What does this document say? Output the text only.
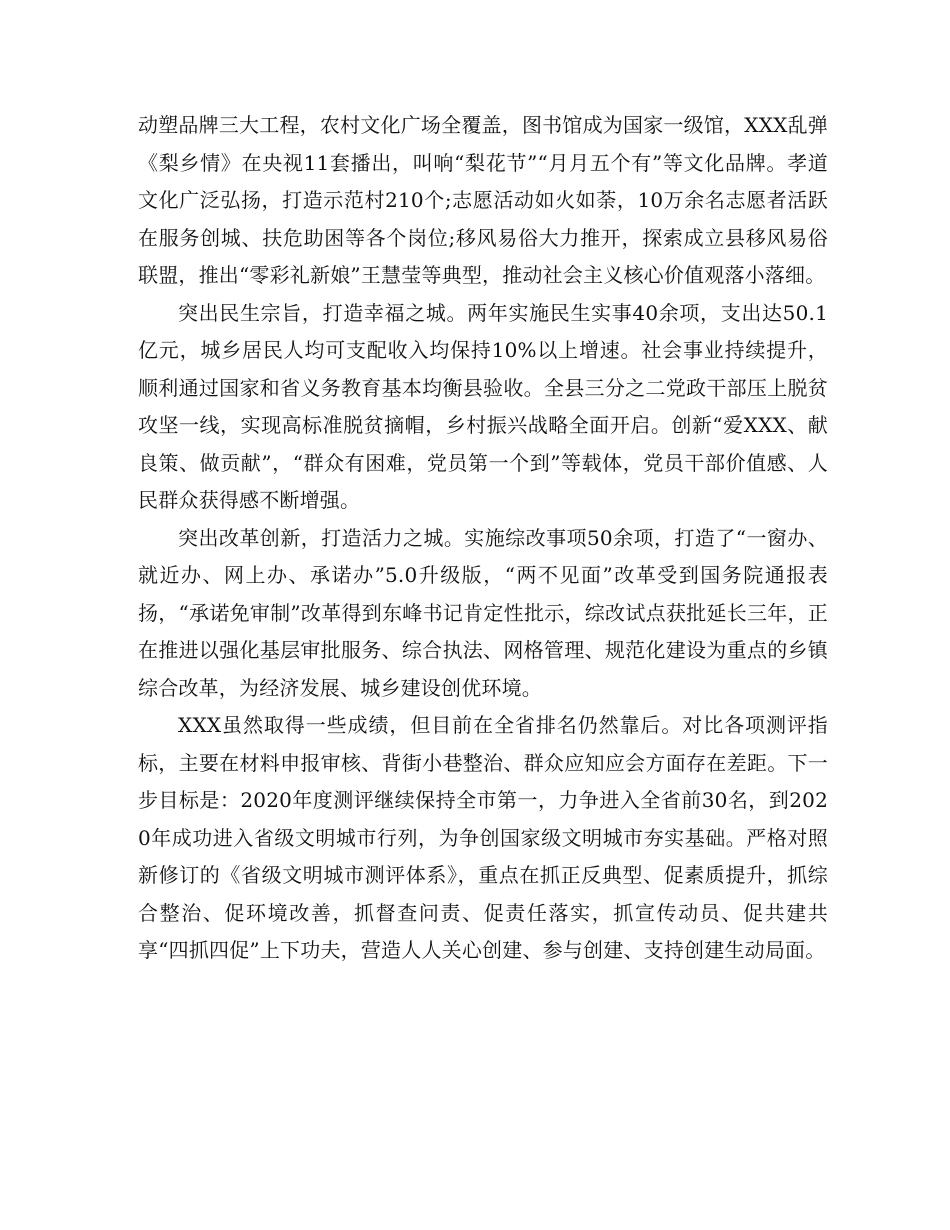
动塑品牌三大工程，农村文化广场全覆盖，图书馆成为国家一级馆，XXX乱弹《梨乡情》在央视11套播出，叫响“梨花节”“月月五个有”等文化品牌。孝道文化广泛弘扬，打造示范村210个;志愿活动如火如荼，10万余名志愿者活跃在服务创城、扶危助困等各个岗位;移风易俗大力推开，探索成立县移风易俗联盟，推出“零彩礼新娘”王慧莹等典型，推动社会主义核心价值观落小落细。

突出民生宗旨，打造幸福之城。两年实施民生实事40余项，支出达50.1亿元，城乡居民人均可支配收入均保持10%以上增速。社会事业持续提升，顺利通过国家和省义务教育基本均衡县验收。全县三分之二党政干部压上脱贫攻坚一线，实现高标准脱贫摘帽，乡村振兴战略全面开启。创新“爱XXX、献良策、做贡献”，“群众有困难，党员第一个到”等载体，党员干部价值感、人民群众获得感不断增强。

突出改革创新，打造活力之城。实施综改事项50余项，打造了“一窗办、就近办、网上办、承诺办”5.0升级版，“两不见面”改革受到国务院通报表扬，“承诺免审制”改革得到东峰书记肯定性批示，综改试点获批延长三年，正在推进以强化基层审批服务、综合执法、网格管理、规范化建设为重点的乡镇综合改革，为经济发展、城乡建设创优环境。

XXX虽然取得一些成绩，但目前在全省排名仍然靠后。对比各项测评指标，主要在材料申报审核、背街小巷整治、群众应知应会方面存在差距。下一步目标是：2020年度测评继续保持全市第一，力争进入全省前30名，到2020年成功进入省级文明城市行列，为争创国家级文明城市夯实基础。严格对照新修订的《省级文明城市测评体系》，重点在抓正反典型、促素质提升，抓综合整治、促环境改善，抓督查问责、促责任落实，抓宣传动员、促共建共享“四抓四促”上下功夫，营造人人关心创建、参与创建、支持创建生动局面。
